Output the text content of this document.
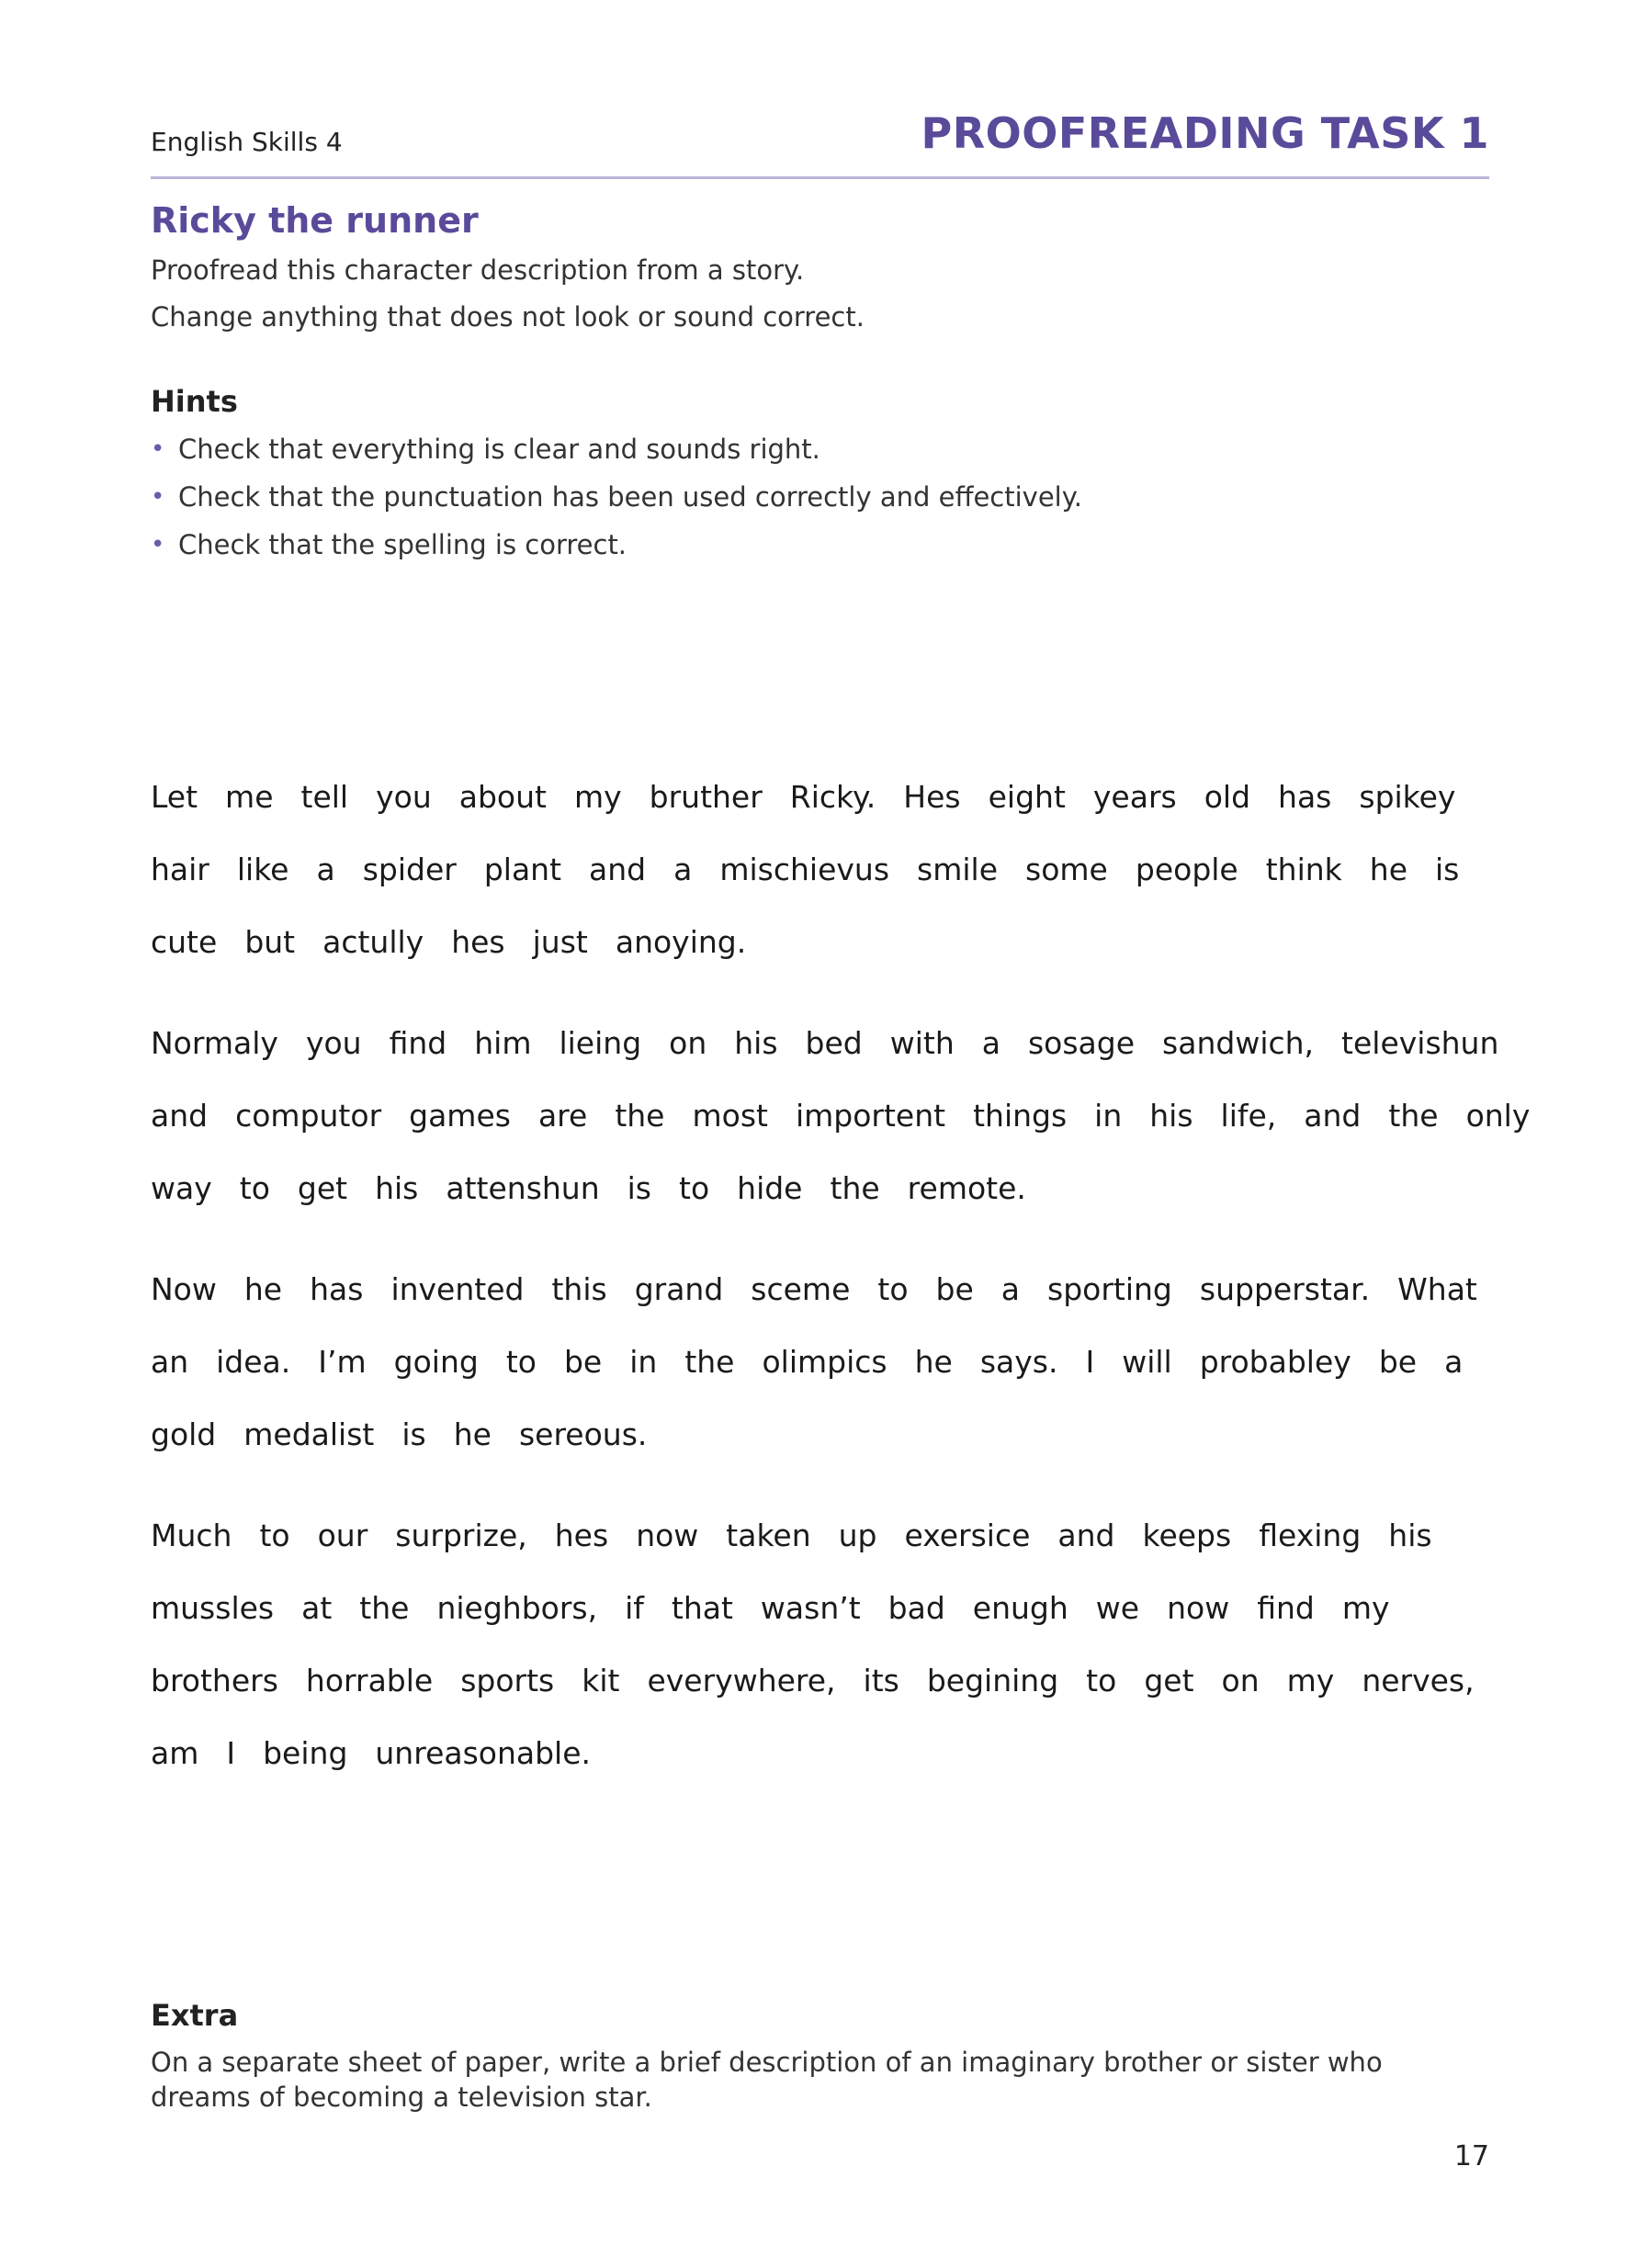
English Skills 4	PROOFREADING TASK 1
Ricky the runner
Proofread this character description from a story.
Change anything that does not look or sound correct.
Hints
• Check that everything is clear and sounds right.
• Check that the punctuation has been used correctly and effectively.
• Check that the spelling is correct.
Let me tell you about my bruther Ricky. Hes eight years old has spikey
hair like a spider plant and a mischievus smile some people think he is
cute but actully hes just anoying.
Normaly you find him lieing on his bed with a sosage sandwich, televishun
and computor games are the most importent things in his life, and the only
way to get his attenshun is to hide the remote.
Now he has invented this grand sceme to be a sporting supperstar. What
an idea. I’m going to be in the olimpics he says. I will probabley be a
gold medalist is he sereous.
Much to our surprize, hes now taken up exersice and keeps flexing his
mussles at the nieghbors, if that wasn’t bad enugh we now find my
brothers horrable sports kit everywhere, its begining to get on my nerves,
am I being unreasonable.
Extra
On a separate sheet of paper, write a brief description of an imaginary brother or sister who dreams of becoming a television star.
17
